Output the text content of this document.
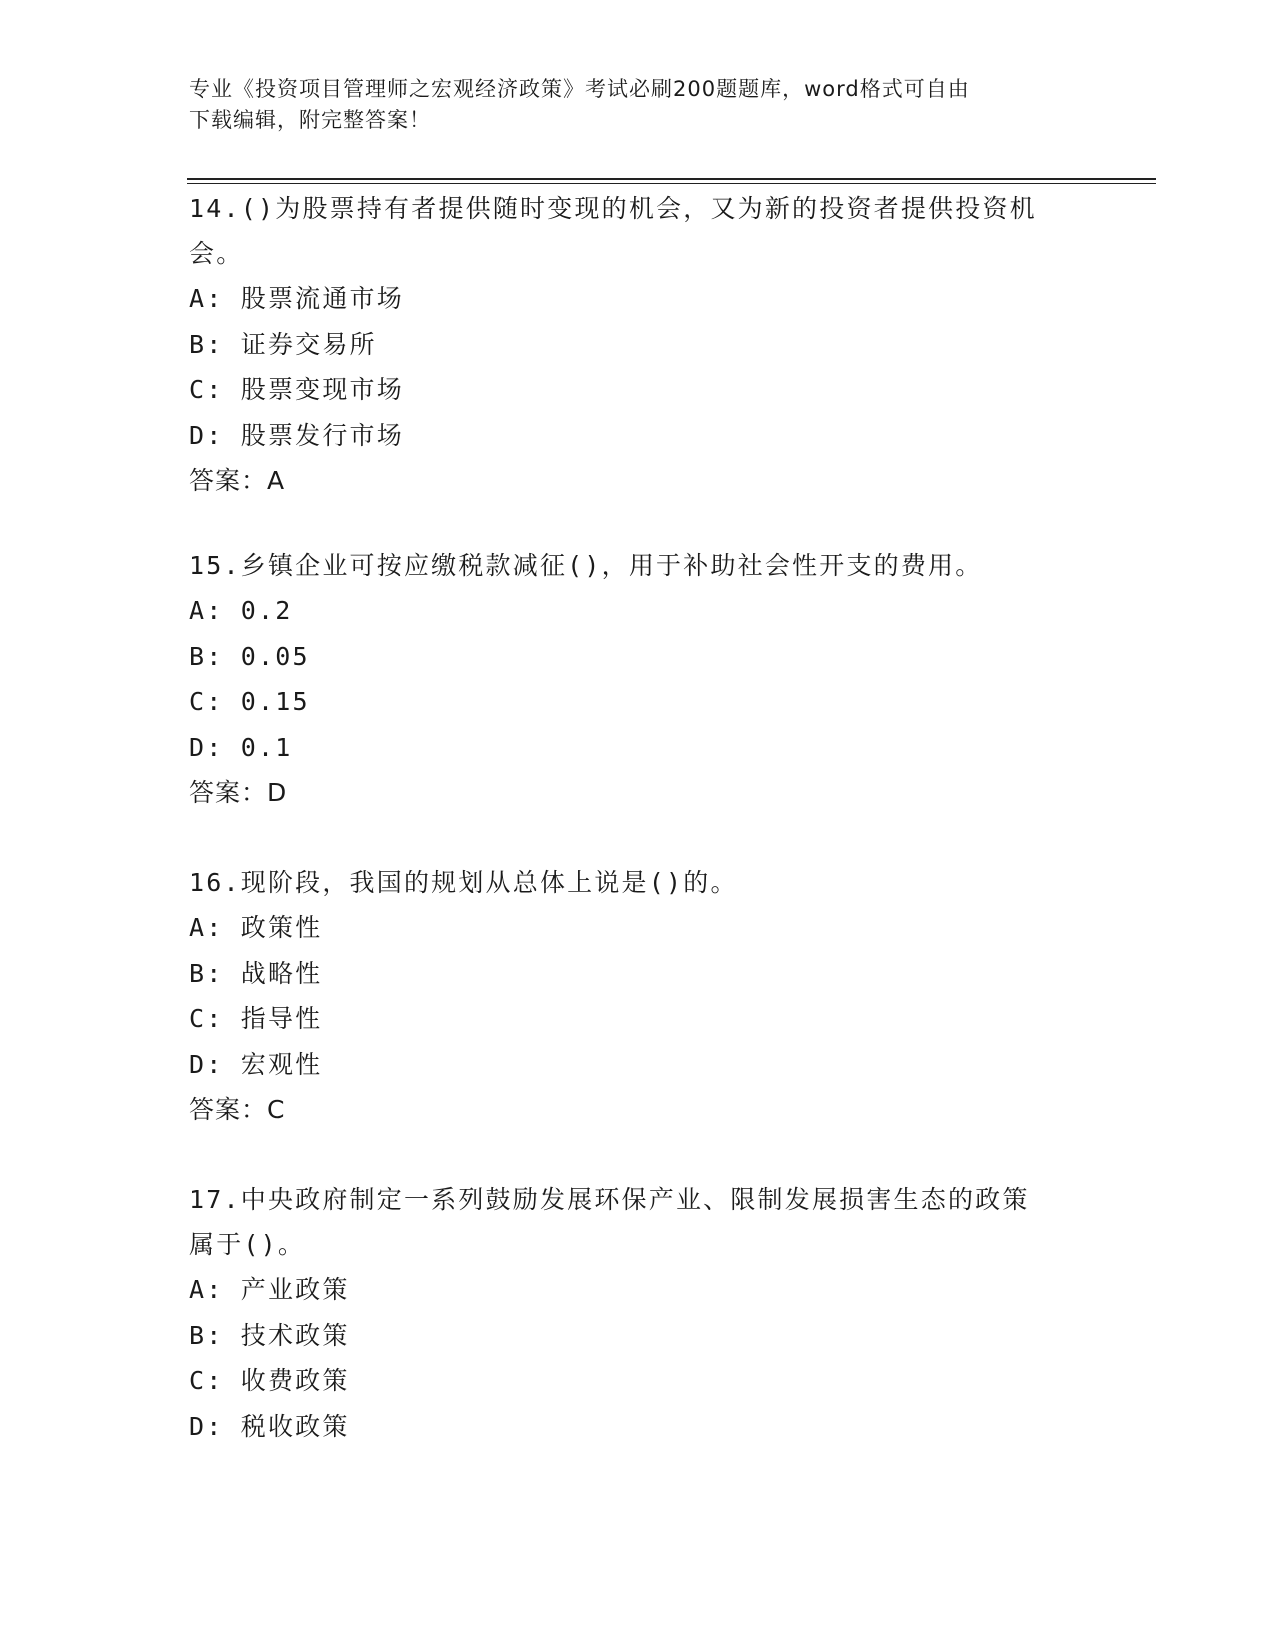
专业《投资项目管理师之宏观经济政策》考试必刷200题题库，word格式可自由
下载编辑，附完整答案！
14.()为股票持有者提供随时变现的机会，又为新的投资者提供投资机
会。
A: 股票流通市场
B: 证券交易所
C: 股票变现市场
D: 股票发行市场
答案：A
15.乡镇企业可按应缴税款减征()，用于补助社会性开支的费用。
A: 0.2
B: 0.05
C: 0.15
D: 0.1
答案：D
16.现阶段，我国的规划从总体上说是()的。
A: 政策性
B: 战略性
C: 指导性
D: 宏观性
答案：C
17.中央政府制定一系列鼓励发展环保产业、限制发展损害生态的政策
属于()。
A: 产业政策
B: 技术政策
C: 收费政策
D: 税收政策
